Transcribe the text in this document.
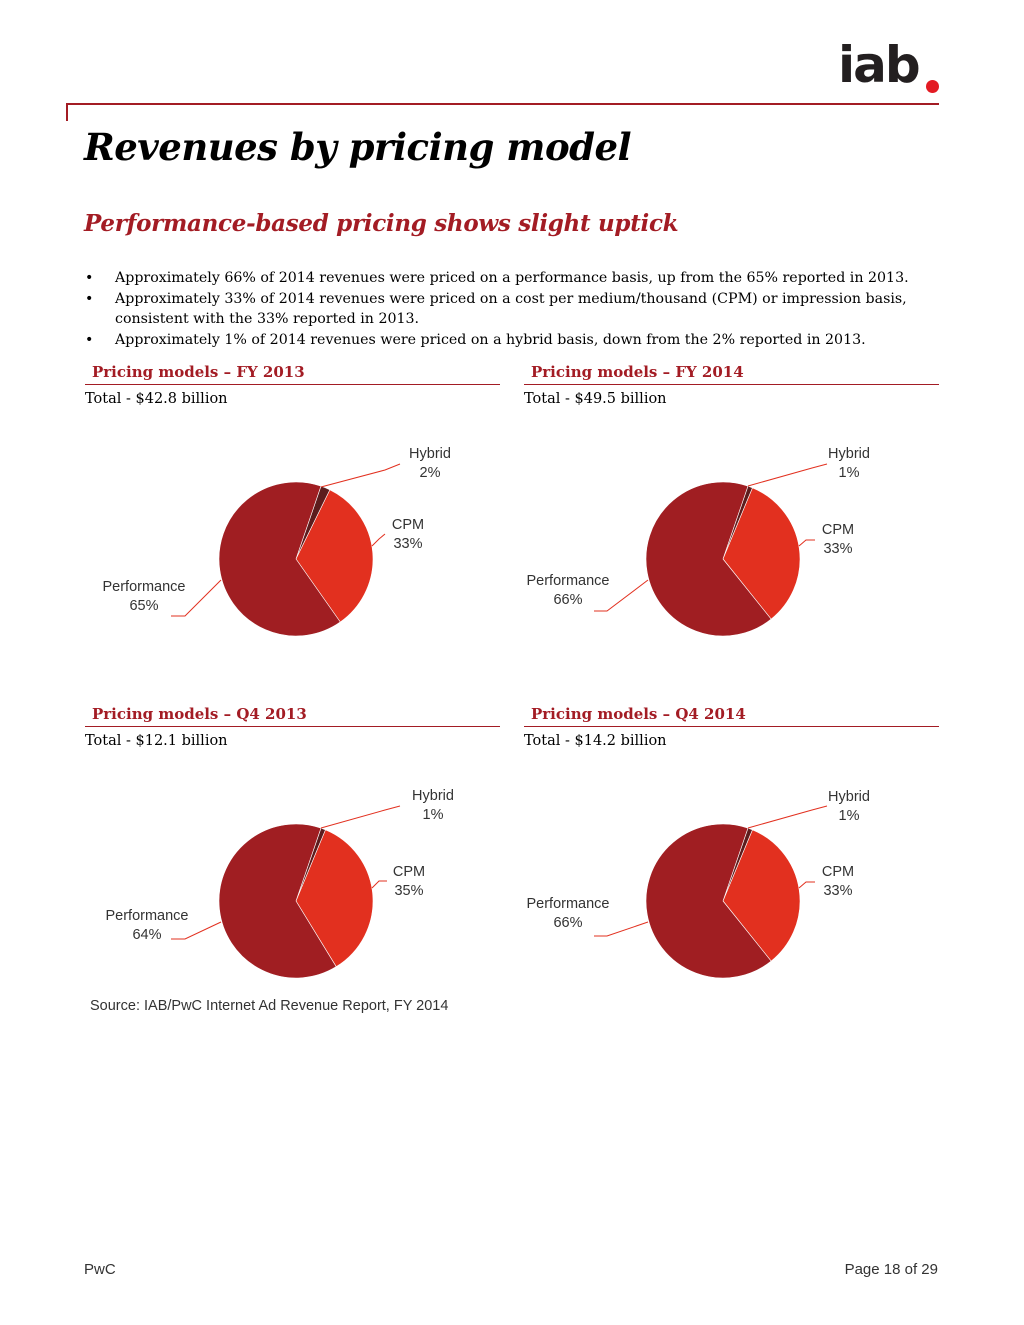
iab
Revenues by pricing model
Performance-based pricing shows slight uptick
• Approximately 66% of 2014 revenues were priced on a performance basis, up from the 65% reported in 2013.
• Approximately 33% of 2014 revenues were priced on a cost per medium/thousand (CPM) or impression basis, consistent with the 33% reported in 2013.
• Approximately 1% of 2014 revenues were priced on a hybrid basis, down from the 2% reported in 2013.
Pricing models – FY 2013
Total - $42.8 billion
Pricing models – FY 2014
Total - $49.5 billion
Pricing models – Q4 2013
Total - $12.1 billion
Pricing models – Q4 2014
Total - $14.2 billion
Hybrid
2%
CPM
33%
Performance
65%
Hybrid
1%
CPM
33%
Performance
66%
Hybrid
1%
CPM
35%
Performance
64%
Hybrid
1%
CPM
33%
Performance
66%
Source: IAB/PwC Internet Ad Revenue Report, FY 2014
PwC	Page 18 of 29
